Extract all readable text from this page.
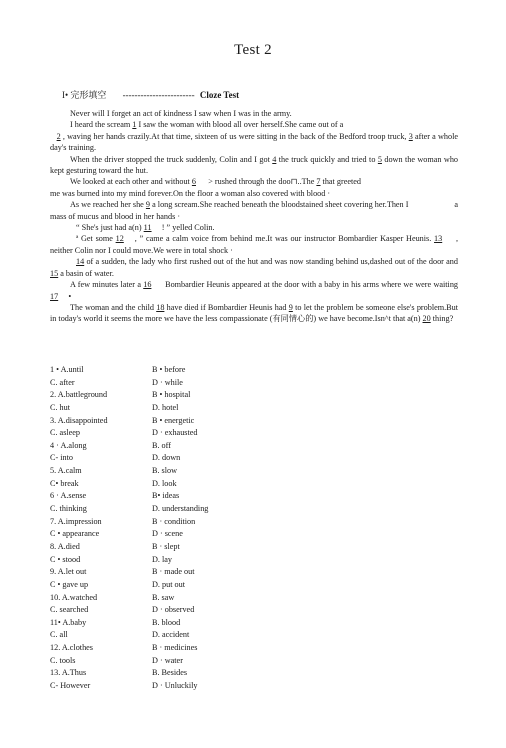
Test 2
I• 完形填空 ------------------------ Cloze Test

Never will I forget an act of kindness I saw when I was in the army.

I heard the scream 1 I saw the woman with blood all over herself.She came out of a
2 , waving her hands crazily.At that time, sixteen of us were sitting in the back of the Bedford troop truck, 3 after a whole day's training.

When the driver stopped the truck suddenly, Colin and I got 4 the truck quickly and tried to 5 down the woman who kept gesturing toward the hut.

We looked at each other and without 6      > rushed through the doo⊓..The 7 that greeted
me was burned into my mind forever.On the floor a woman also covered with blood ·

As we reached her she 9 a long scream.She reached beneath the bloodstained sheet covering her.Then I	a mass of mucus and blood in her hands ·

“ She's just had a(n) 11     ! ” yelled Colin.

ª Get some 12    , ” came a calm voice from behind me.It was our instructor Bombardier Kasper Heunis. 13     , neither Colin nor I could move.We were in total shock ·

14 of a sudden, the lady who first rushed out of the hut and was now standing behind us,dashed out of the door and 15 a basin of water.

A few minutes later a 16      Bombardier Heunis appeared at the door with a baby in his arms where we were waiting 17     •

The woman and the child 18 have died if Bombardier Heunis had 9 to let the problem be someone else's problem.But in today's world it seems the more we have the less compassionate (有同情心的) we have become.Isn^t that a(n) 20 thing?

1 • A.until	B • before
C. after	D · while
2. A.battleground	B • hospital
C. hut	D. hotel
3. A.disappointed	B • energetic
C. asleep	D · exhausted
4 · A.along	B. off
C- into	D. down
5. A.calm	B. slow
C• break	D. look
6 · A.sense	B• ideas
C. thinking	D. understanding
7. A.impression	B · condition
C • appearance	D · scene
8. A.died	B · slept
C • stood	D. lay
9. A.let out	B · made out
C • gave up	D. put out
10. A.watched	B. saw
C. searched	D · observed
11• A.baby	B. blood
C. all	D. accident
12. A.clothes	B · medicines
C. tools	D · water
13. A.Thus	B. Besides
C- However	D · Unluckily
